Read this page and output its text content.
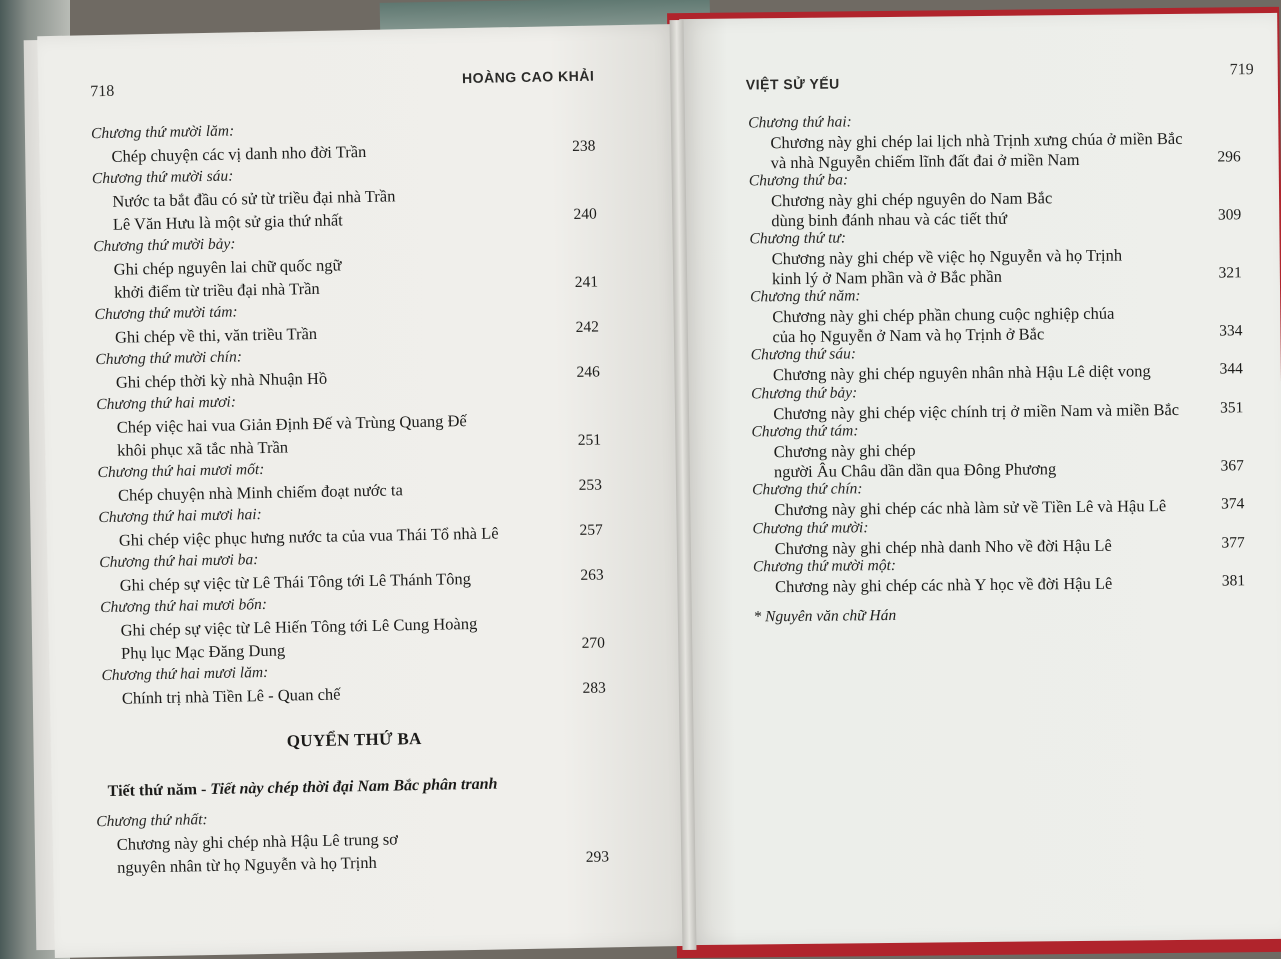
718
HOÀNG CAO KHẢI
Chương thứ mười lăm:
Chép chuyện các vị danh nho đời Trần	238
Chương thứ mười sáu:
Nước ta bắt đầu có sử từ triều đại nhà Trần
Lê Văn Hưu là một sử gia thứ nhất	240
Chương thứ mười bảy:
Ghi chép nguyên lai chữ quốc ngữ
khởi điểm từ triều đại nhà Trần	241
Chương thứ mười tám:
Ghi chép về thi, văn triều Trần	242
Chương thứ mười chín:
Ghi chép thời kỳ nhà Nhuận Hồ	246
Chương thứ hai mươi:
Chép việc hai vua Giản Định Đế và Trùng Quang Đế
khôi phục xã tắc nhà Trần	251
Chương thứ hai mươi mốt:
Chép chuyện nhà Minh chiếm đoạt nước ta	253
Chương thứ hai mươi hai:
Ghi chép việc phục hưng nước ta của vua Thái Tổ nhà Lê	257
Chương thứ hai mươi ba:
Ghi chép sự việc từ Lê Thái Tông tới Lê Thánh Tông	263
Chương thứ hai mươi bốn:
Ghi chép sự việc từ Lê Hiến Tông tới Lê Cung Hoàng
Phụ lục Mạc Đăng Dung	270
Chương thứ hai mươi lăm:
Chính trị nhà Tiền Lê - Quan chế	283
QUYỂN THỨ BA
Tiết thứ năm - Tiết này chép thời đại Nam Bắc phân tranh
Chương thứ nhất:
Chương này ghi chép nhà Hậu Lê trung sơ
nguyên nhân từ họ Nguyễn và họ Trịnh	293
VIỆT SỬ YẾU
719
Chương thứ hai:
Chương này ghi chép lai lịch nhà Trịnh xưng chúa ở miền Bắc
và nhà Nguyễn chiếm lĩnh đất đai ở miền Nam	296
Chương thứ ba:
Chương này ghi chép nguyên do Nam Bắc
dùng binh đánh nhau và các tiết thứ	309
Chương thứ tư:
Chương này ghi chép về việc họ Nguyễn và họ Trịnh
kinh lý ở Nam phần và ở Bắc phần	321
Chương thứ năm:
Chương này ghi chép phần chung cuộc nghiệp chúa
của họ Nguyễn ở Nam và họ Trịnh ở Bắc	334
Chương thứ sáu:
Chương này ghi chép nguyên nhân nhà Hậu Lê diệt vong	344
Chương thứ bảy:
Chương này ghi chép việc chính trị ở miền Nam và miền Bắc	351
Chương thứ tám:
Chương này ghi chép
người Âu Châu dần dần qua Đông Phương	367
Chương thứ chín:
Chương này ghi chép các nhà làm sử về Tiền Lê và Hậu Lê	374
Chương thứ mười:
Chương này ghi chép nhà danh Nho về đời Hậu Lê	377
Chương thứ mười một:
Chương này ghi chép các nhà Y học về đời Hậu Lê	381
* Nguyên văn chữ Hán
